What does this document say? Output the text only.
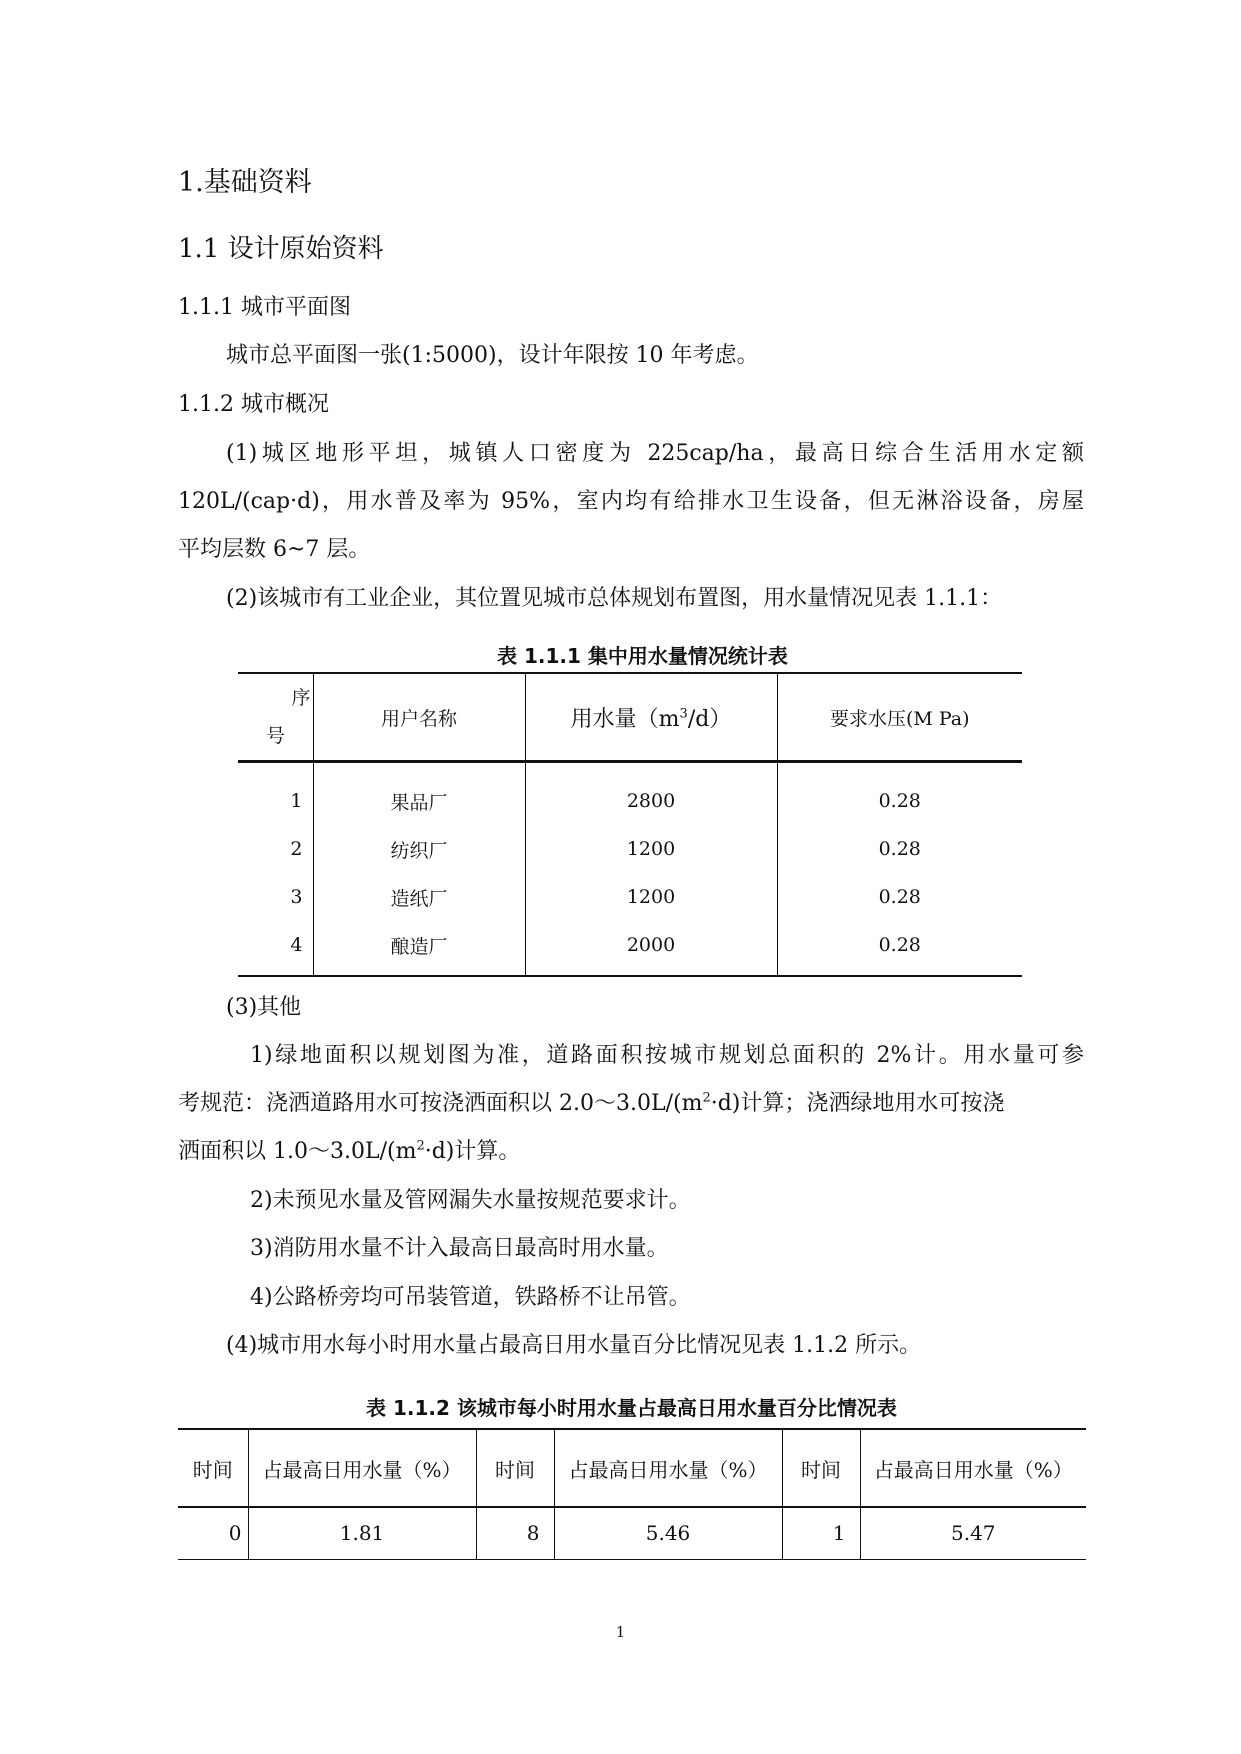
1.基础资料
1.1 设计原始资料
1.1.1 城市平面图
城市总平面图一张(1:5000)，设计年限按 10 年考虑。
1.1.2 城市概况
(1)城区地形平坦，城镇人口密度为 225cap/ha，最高日综合生活用水定额
120L/(cap·d)，用水普及率为 95%，室内均有给排水卫生设备，但无淋浴设备，房屋
平均层数 6~7 层。
(2)该城市有工业企业，其位置见城市总体规划布置图，用水量情况见表 1.1.1：
表 1.1.1 集中用水量情况统计表
序
号	用户名称	用水量$(m^3/d)$	要求水压(M Pa)

1	果品厂	2800	0.28
2	纺织厂	1200	0.28
3	造纸厂	1200	0.28
4	酿造厂	2000	0.28
(3)其他
1)绿地面积以规划图为准，道路面积按城市规划总面积的 2%计。用水量可参
考规范：浇洒道路用水可按浇洒面积以 $2.0\sim 3.0L/(m^2\cdot d)$计算；浇洒绿地用水可按浇
洒面积以 $1.0\sim 3.0L/(m^2\cdot d)$计算。
2)未预见水量及管网漏失水量按规范要求计。
3)消防用水量不计入最高日最高时用水量。
4)公路桥旁均可吊装管道，铁路桥不让吊管。
(4)城市用水每小时用水量占最高日用水量百分比情况见表 1.1.2 所示。
表 1.1.2 该城市每小时用水量占最高日用水量百分比情况表
时间	占最高日用水量（%）	时间	占最高日用水量（%）	时间	占最高日用水量（%）
0	1.81	8	5.46	1	5.47
1
